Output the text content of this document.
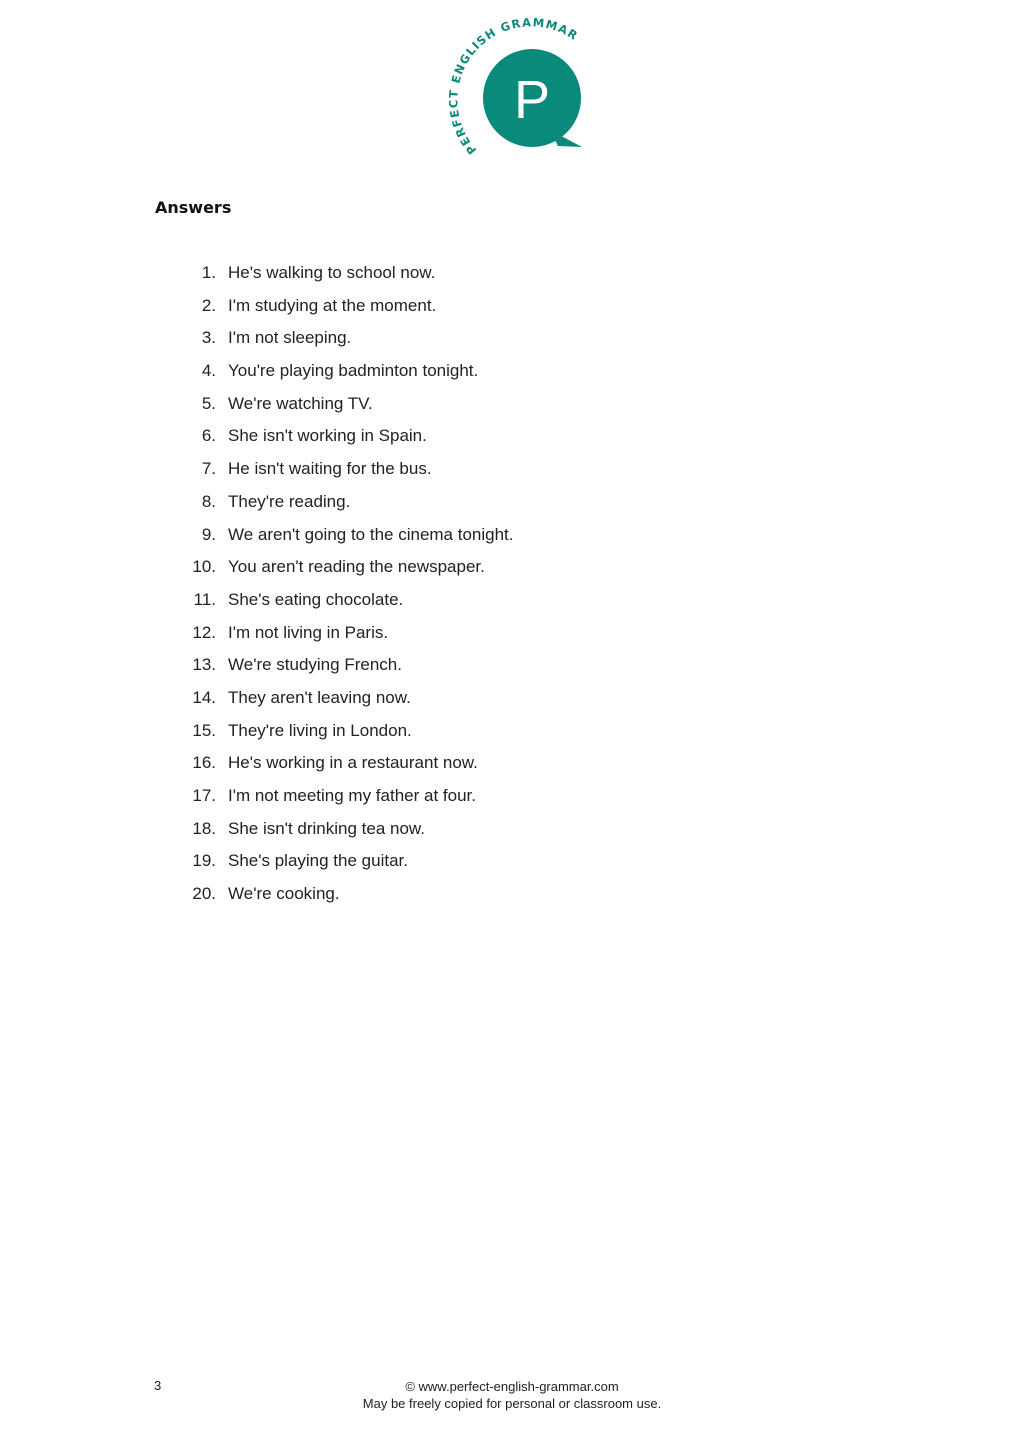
P
PERFECT ENGLISH GRAMMAR
Answers
1. He's walking to school now.
2. I'm studying at the moment.
3. I'm not sleeping.
4. You're playing badminton tonight.
5. We're watching TV.
6. She isn't working in Spain.
7. He isn't waiting for the bus.
8. They're reading.
9. We aren't going to the cinema tonight.
10. You aren't reading the newspaper.
11. She's eating chocolate.
12. I'm not living in Paris.
13. We're studying French.
14. They aren't leaving now.
15. They're living in London.
16. He's working in a restaurant now.
17. I'm not meeting my father at four.
18. She isn't drinking tea now.
19. She's playing the guitar.
20. We're cooking.
3	© www.perfect-english-grammar.com
May be freely copied for personal or classroom use.
